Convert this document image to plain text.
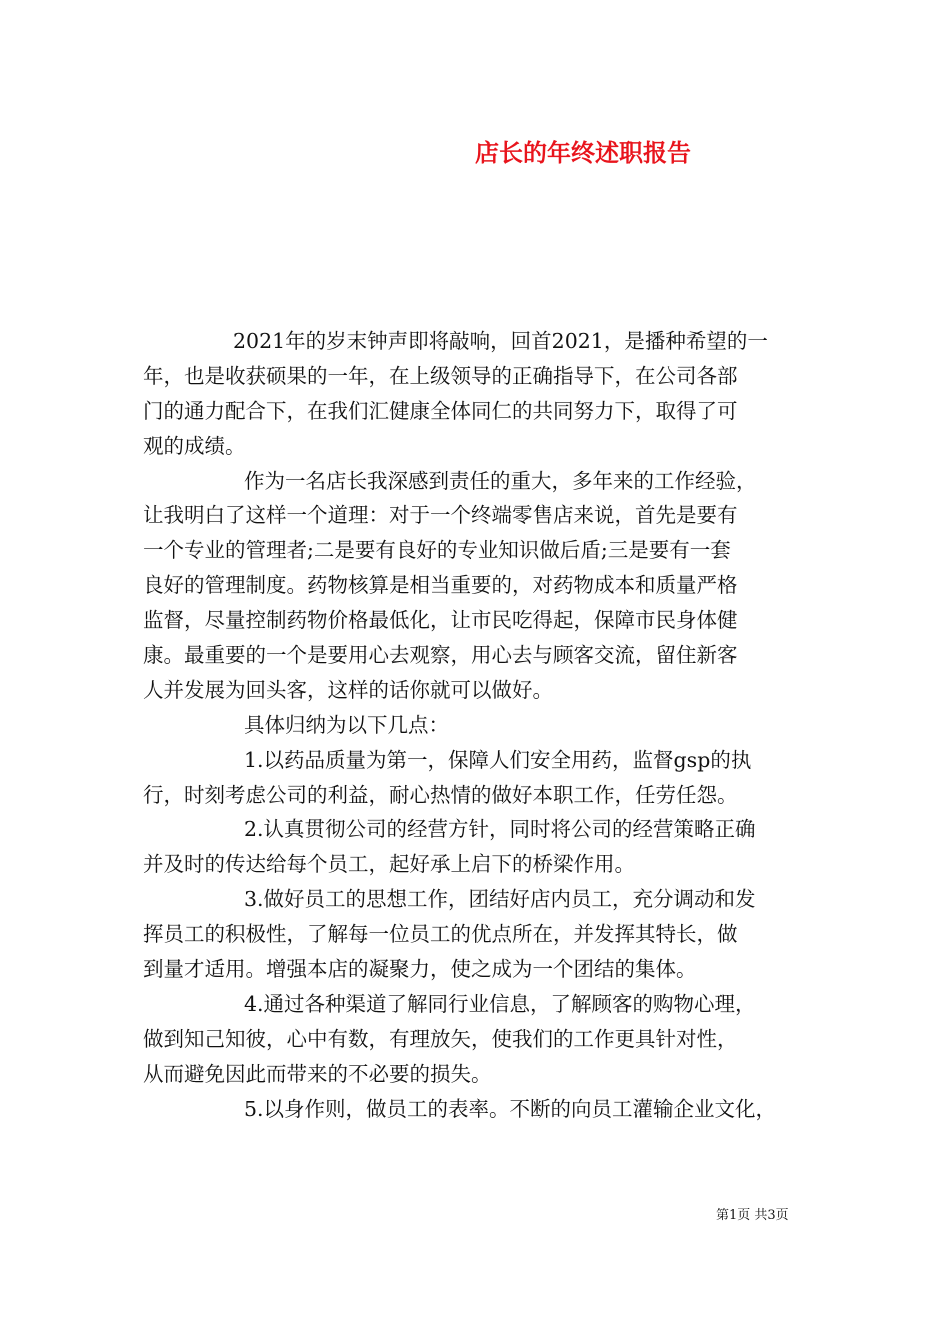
店长的年终述职报告
2021年的岁末钟声即将敲响，回首2021，是播种希望的一
年，也是收获硕果的一年，在上级领导的正确指导下，在公司各部
门的通力配合下，在我们汇健康全体同仁的共同努力下，取得了可
观的成绩。
作为一名店长我深感到责任的重大，多年来的工作经验，
让我明白了这样一个道理：对于一个终端零售店来说，首先是要有
一个专业的管理者;二是要有良好的专业知识做后盾;三是要有一套
良好的管理制度。药物核算是相当重要的，对药物成本和质量严格
监督，尽量控制药物价格最低化，让市民吃得起，保障市民身体健
康。最重要的一个是要用心去观察，用心去与顾客交流，留住新客
人并发展为回头客，这样的话你就可以做好。
具体归纳为以下几点：
1.以药品质量为第一，保障人们安全用药，监督gsp的执
行，时刻考虑公司的利益，耐心热情的做好本职工作，任劳任怨。
2.认真贯彻公司的经营方针，同时将公司的经营策略正确
并及时的传达给每个员工，起好承上启下的桥梁作用。
3.做好员工的思想工作，团结好店内员工，充分调动和发
挥员工的积极性，了解每一位员工的优点所在，并发挥其特长，做
到量才适用。增强本店的凝聚力，使之成为一个团结的集体。
4.通过各种渠道了解同行业信息，了解顾客的购物心理，
做到知己知彼，心中有数，有理放矢，使我们的工作更具针对性，
从而避免因此而带来的不必要的损失。
5.以身作则，做员工的表率。不断的向员工灌输企业文化，
第1页 共3页
